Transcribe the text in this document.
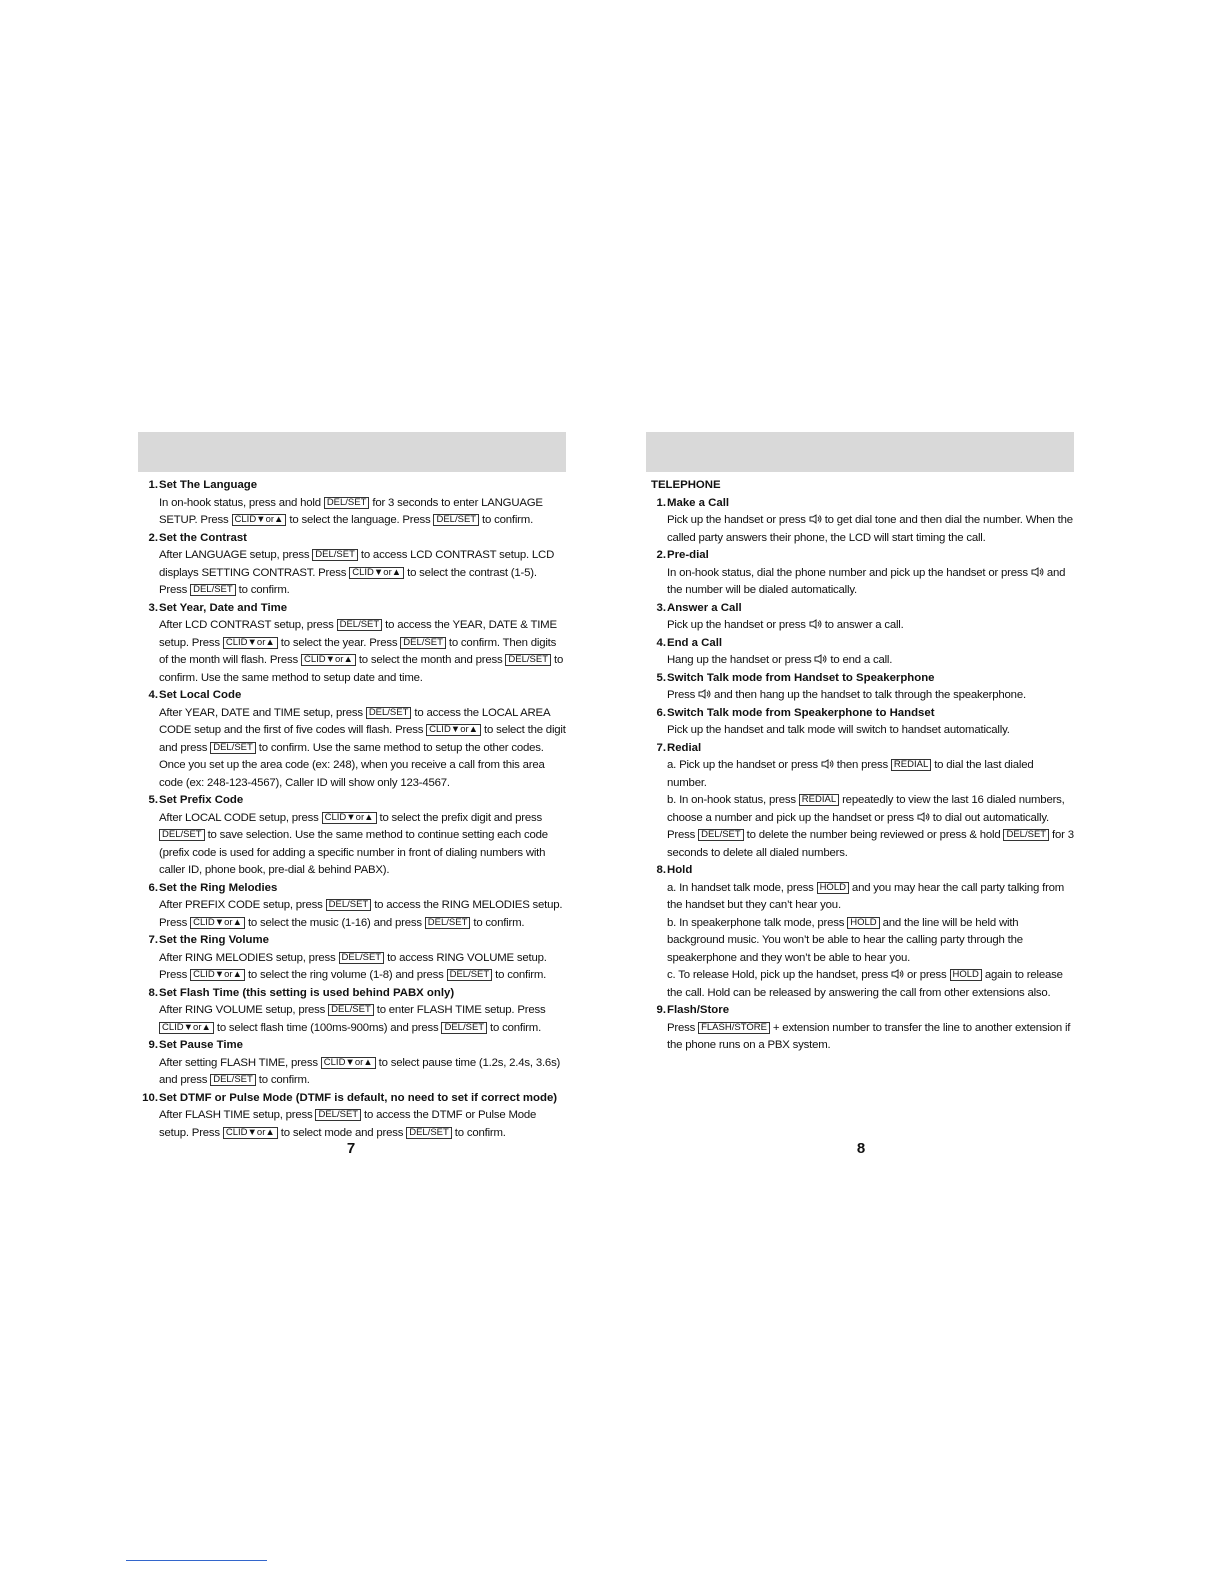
1. Set The Language
In on-hook status, press and hold DEL/SET for 3 seconds to enter LANGUAGE SETUP. Press CLID▼or▲ to select the language. Press DEL/SET to confirm.
2. Set the Contrast
After LANGUAGE setup, press DEL/SET to access LCD CONTRAST setup. LCD displays SETTING CONTRAST. Press CLID▼or▲ to select the contrast (1-5). Press DEL/SET to confirm.
3. Set Year, Date and Time
After LCD CONTRAST setup, press DEL/SET to access the YEAR, DATE & TIME setup. Press CLID▼or▲ to select the year. Press DEL/SET to confirm. Then digits of the month will flash. Press CLID▼or▲ to select the month and press DEL/SET to confirm. Use the same method to setup date and time.
4. Set Local Code
After YEAR, DATE and TIME setup, press DEL/SET to access the LOCAL AREA CODE setup and the first of five codes will flash. Press CLID▼or▲ to select the digit and press DEL/SET to confirm. Use the same method to setup the other codes. Once you set up the area code (ex: 248), when you receive a call from this area code (ex: 248-123-4567), Caller ID will show only 123-4567.
5. Set Prefix Code
After LOCAL CODE setup, press CLID▼or▲ to select the prefix digit and press DEL/SET to save selection. Use the same method to continue setting each code (prefix code is used for adding a specific number in front of dialing numbers with caller ID, phone book, pre-dial & behind PABX).
6. Set the Ring Melodies
After PREFIX CODE setup, press DEL/SET to access the RING MELODIES setup. Press CLID▼or▲ to select the music (1-16) and press DEL/SET to confirm.
7. Set the Ring Volume
After RING MELODIES setup, press DEL/SET to access RING VOLUME setup. Press CLID▼or▲ to select the ring volume (1-8) and press DEL/SET to confirm.
8. Set Flash Time (this setting is used behind PABX only)
After RING VOLUME setup, press DEL/SET to enter FLASH TIME setup. Press CLID▼or▲ to select flash time (100ms-900ms) and press DEL/SET to confirm.
9. Set Pause Time
After setting FLASH TIME, press CLID▼or▲ to select pause time (1.2s, 2.4s, 3.6s) and press DEL/SET to confirm.
10. Set DTMF or Pulse Mode (DTMF is default, no need to set if correct mode)
After FLASH TIME setup, press DEL/SET to access the DTMF or Pulse Mode setup. Press CLID▼or▲ to select mode and press DEL/SET to confirm.
TELEPHONE
1. Make a Call
Pick up the handset or press  to get dial tone and then dial the number. When the called party answers their phone, the LCD will start timing the call.
2. Pre-dial
In on-hook status, dial the phone number and pick up the handset or press  and the number will be dialed automatically.
3. Answer a Call
Pick up the handset or press  to answer a call.
4. End a Call
Hang up the handset or press  to end a call.
5. Switch Talk mode from Handset to Speakerphone
Press  and then hang up the handset to talk through the speakerphone.
6. Switch Talk mode from Speakerphone to Handset
Pick up the handset and talk mode will switch to handset automatically.
7. Redial
a. Pick up the handset or press  then press REDIAL to dial the last dialed number.
b. In on-hook status, press REDIAL repeatedly to view the last 16 dialed numbers, choose a number and pick up the handset or press  to dial out automatically. Press DEL/SET to delete the number being reviewed or press & hold DEL/SET for 3 seconds to delete all dialed numbers.
8. Hold
a. In handset talk mode, press HOLD and you may hear the call party talking from the handset but they can’t hear you.
b. In speakerphone talk mode, press HOLD and the line will be held with background music. You won’t be able to hear the calling party through the speakerphone and they won’t be able to hear you.
c. To release Hold, pick up the handset, press  or press HOLD again to release the call. Hold can be released by answering the call from other extensions also.
9. Flash/Store
Press FLASH/STORE + extension number to transfer the line to another extension if the phone runs on a PBX system.
7	8
